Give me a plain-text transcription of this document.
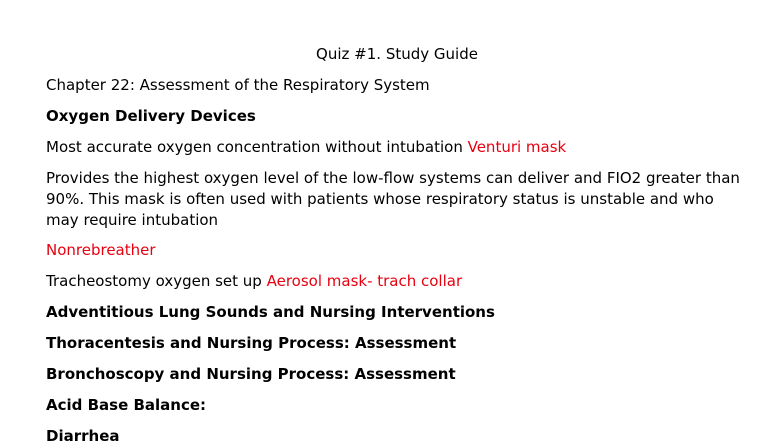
Quiz #1. Study Guide
Chapter 22: Assessment of the Respiratory System
Oxygen Delivery Devices
Most accurate oxygen concentration without intubation Venturi mask
Provides the highest oxygen level of the low-flow systems can deliver and FIO2 greater than 90%. This mask is often used with patients whose respiratory status is unstable and who may require intubation
Nonrebreather
Tracheostomy oxygen set up Aerosol mask- trach collar
Adventitious Lung Sounds and Nursing Interventions
Thoracentesis and Nursing Process: Assessment
Bronchoscopy and Nursing Process: Assessment
Acid Base Balance:
Diarrhea
